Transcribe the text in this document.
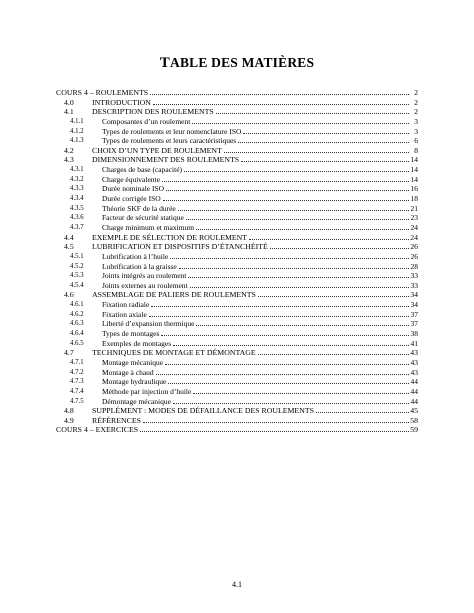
TABLE DES MATIÈRES
COURS 4 – ROULEMENTS	2
4.0 INTRODUCTION	2
4.1 DESCRIPTION DES ROULEMENTS	2
4.1.1 Composantes d’un roulement	3
4.1.2 Types de roulements et leur nomenclature ISO	3
4.1.3 Types de roulements et leurs caractéristiques	6
4.2 CHOIX D’UN TYPE DE ROULEMENT	8
4.3 DIMENSIONNEMENT DES ROULEMENTS	14
4.3.1 Charges de base (capacité)	14
4.3.2 Charge équivalente	14
4.3.3 Durée nominale ISO	16
4.3.4 Durée corrigée ISO	18
4.3.5 Théorie SKF de la durée	21
4.3.6 Facteur de sécurité statique	23
4.3.7 Charge minimum et maximum	24
4.4 EXEMPLE DE SÉLECTION DE ROULEMENT	24
4.5 LUBRIFICATION ET DISPOSITIFS D’ÉTANCHÉITÉ	26
4.5.1 Lubrification à l’huile	26
4.5.2 Lubrification à la graisse	28
4.5.3 Joints intégrés au roulement	33
4.5.4 Joints externes au roulement	33
4.6 ASSEMBLAGE DE PALIERS DE ROULEMENTS	34
4.6.1 Fixation radiale	34
4.6.2 Fixation axiale	37
4.6.3 Liberté d’expansion thermique	37
4.6.4 Types de montages	38
4.6.5 Exemples de montages	41
4.7 TECHNIQUES DE MONTAGE ET DÉMONTAGE	43
4.7.1 Montage mécanique	43
4.7.2 Montage à chaud	43
4.7.3 Montage hydraulique	44
4.7.4 Méthode par injection d’huile	44
4.7.5 Démontage mécanique	44
4.8 SUPPLÉMENT : MODES DE DÉFAILLANCE DES ROULEMENTS	45
4.9 RÉFÉRENCES	58
COURS 4 – EXERCICES	59
4.1
